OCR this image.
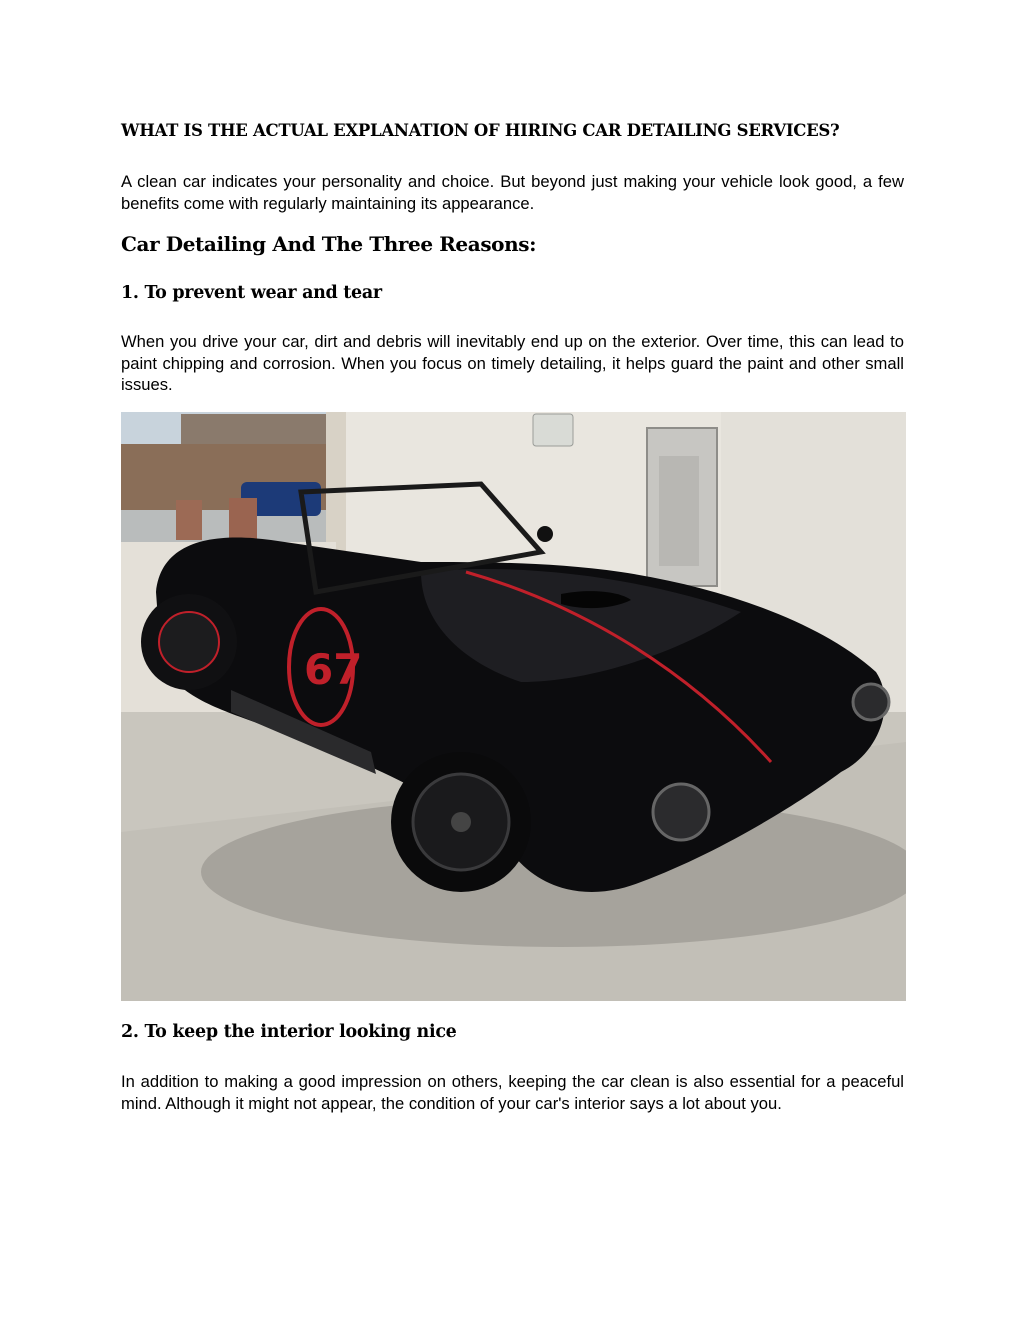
WHAT IS THE ACTUAL EXPLANATION OF HIRING CAR DETAILING SERVICES?

A clean car indicates your personality and choice. But beyond just making your vehicle look good, a few benefits come with regularly maintaining its appearance.

Car Detailing And The Three Reasons:
1. To prevent wear and tear

When you drive your car, dirt and debris will inevitably end up on the exterior. Over time, this can lead to paint chipping and corrosion. When you focus on timely detailing, it helps guard the paint and other small issues.

67
2. To keep the interior looking nice

In addition to making a good impression on others, keeping the car clean is also essential for a peaceful mind. Although it might not appear, the condition of your car's interior says a lot about you.
